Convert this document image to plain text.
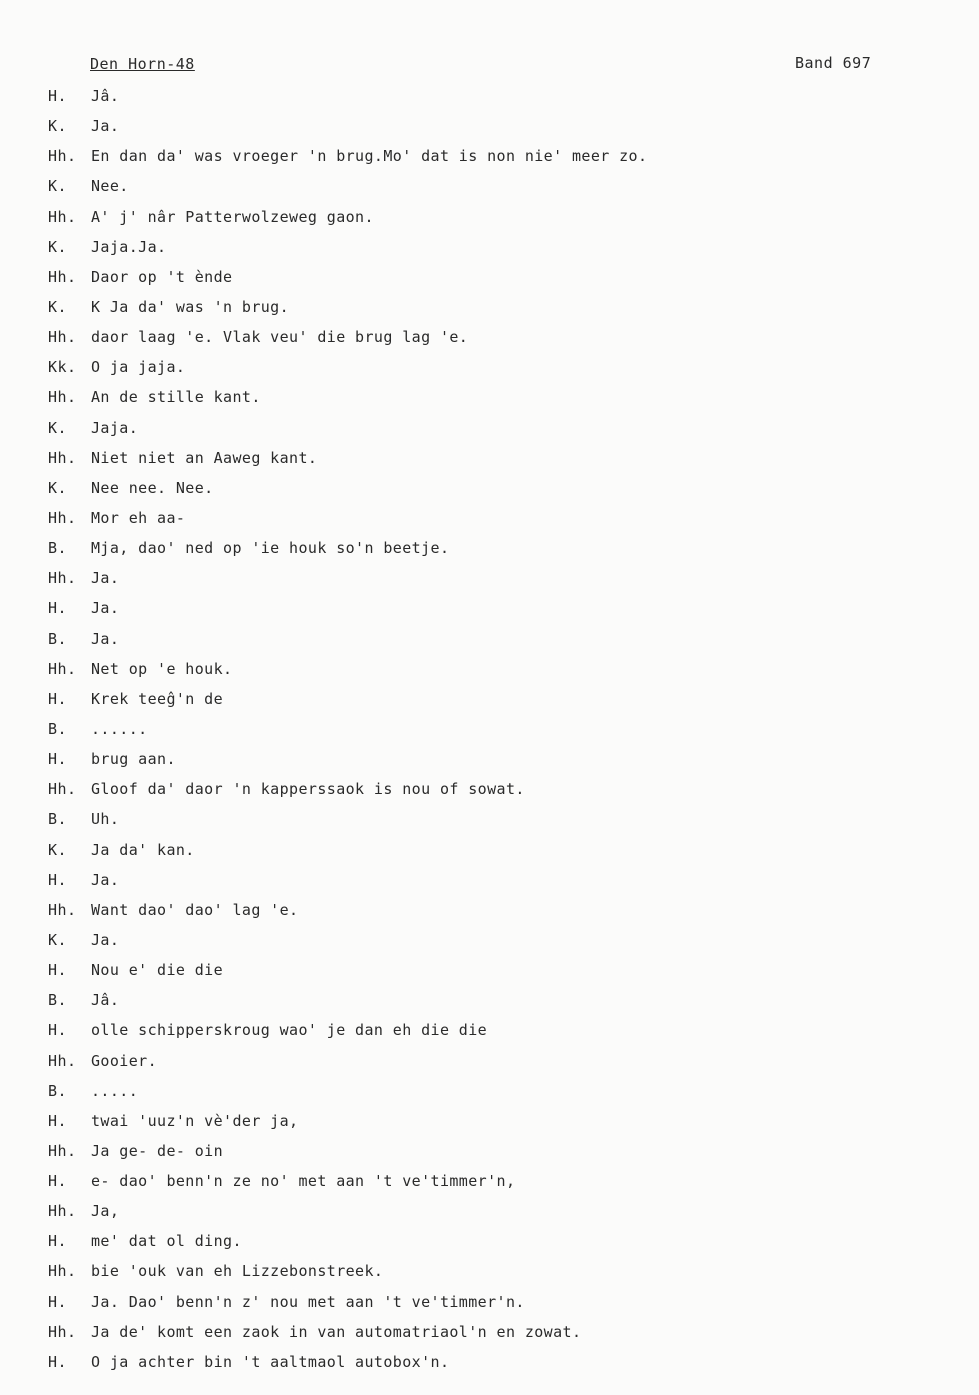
Den Horn-48	Band 697
H.	Jâ.
K.	Ja.
Hh. En dan da' was vroeger 'n brug.Mo' dat is non nie' meer zo.
K.	Nee.
Hh. A' j' nâr Patterwolzeweg gaon.
K.	Jaja.Ja.
Hh. Daor op 't ènde
K.	K Ja da' was 'n brug.
Hh. daor laag 'e. Vlak veu' die brug lag 'e.
Kk. O ja jaja.
Hh. An de stille kant.
K.	Jaja.
Hh. Niet niet an Aaweg kant.
K.	Nee nee. Nee.
Hh. Mor eh aa-
B.	Mja, dao' ned op 'ie houk so'n beetje.
Hh. Ja.
H.	Ja.
B.	Ja.
Hh. Net op 'e houk.
H.	Krek teeĝ'n de
B.	......
H.	brug aan.
Hh. Gloof da' daor 'n kapperssaok is nou of sowat.
B.	Uh.
K.	Ja da' kan.
H.	Ja.
Hh. Want dao' dao' lag 'e.
K.	Ja.
H.	Nou e' die die
B.	Jâ.
H.	olle schipperskroug wao' je dan eh die die
Hh. Gooier.
B.	.....
H.	twai 'uuz'n vè'der ja,
Hh. Ja ge- de- oin
H.	e- dao' benn'n ze no' met aan 't ve'timmer'n,
Hh. Ja,
H.	me' dat ol ding.
Hh. bie 'ouk van eh Lizzebonstreek.
H.	Ja. Dao' benn'n z' nou met aan 't ve'timmer'n.
Hh. Ja de' komt een zaok in van automatriaol'n en zowat.
H.	O ja achter bin 't aaltmaol autobox'n.
